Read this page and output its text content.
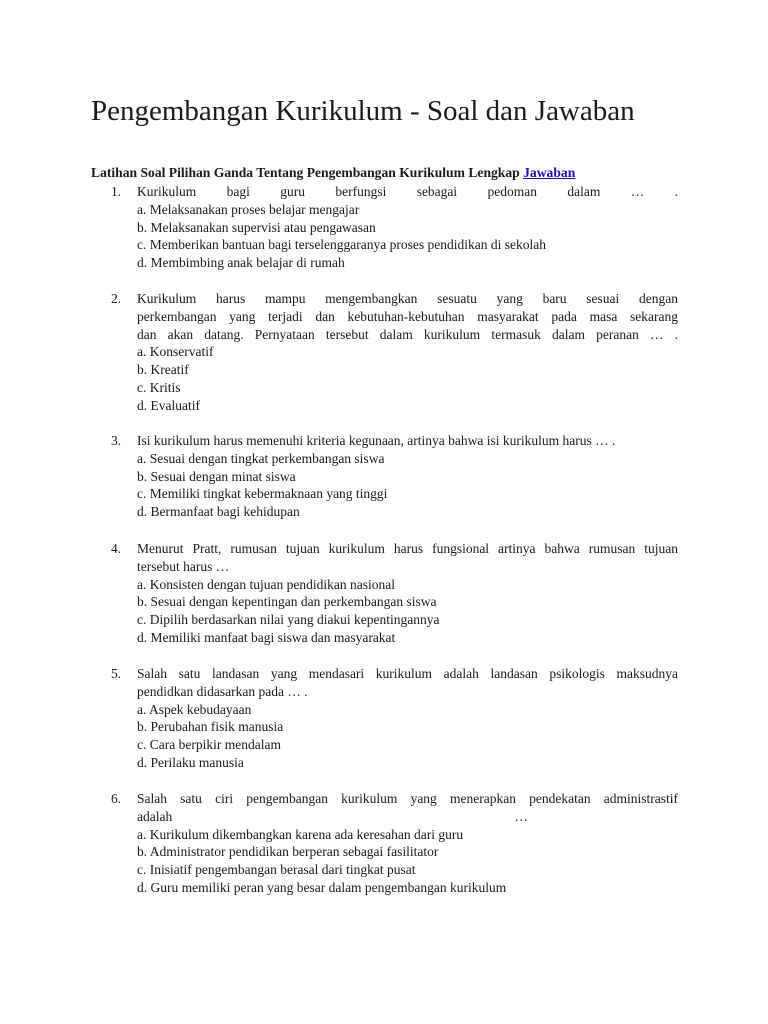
Pengembangan Kurikulum - Soal dan Jawaban
Latihan Soal Pilihan Ganda Tentang Pengembangan Kurikulum Lengkap Jawaban
1. Kurikulum bagi guru berfungsi sebagai pedoman dalam … .
a. Melaksanakan proses belajar mengajar
b. Melaksanakan supervisi atau pengawasan
c. Memberikan bantuan bagi terselenggaranya proses pendidikan di sekolah
d. Membimbing anak belajar di rumah
2. Kurikulum harus mampu mengembangkan sesuatu yang baru sesuai dengan
perkembangan yang terjadi dan kebutuhan-kebutuhan masyarakat pada masa sekarang
dan akan datang. Pernyataan tersebut dalam kurikulum termasuk dalam peranan … .
a. Konservatif
b. Kreatif
c. Kritis
d. Evaluatif
3. Isi kurikulum harus memenuhi kriteria kegunaan, artinya bahwa isi kurikulum harus … .
a. Sesuai dengan tingkat perkembangan siswa
b. Sesuai dengan minat siswa
c. Memiliki tingkat kebermaknaan yang tinggi
d. Bermanfaat bagi kehidupan
4. Menurut Pratt, rumusan tujuan kurikulum harus fungsional artinya bahwa rumusan tujuan
tersebut harus …
a. Konsisten dengan tujuan pendidikan nasional
b. Sesuai dengan kepentingan dan perkembangan siswa
c. Dipilih berdasarkan nilai yang diakui kepentingannya
d. Memiliki manfaat bagi siswa dan masyarakat
5. Salah satu landasan yang mendasari kurikulum adalah landasan psikologis maksudnya
pendidkan didasarkan pada … .
a. Aspek kebudayaan
b. Perubahan fisik manusia
c. Cara berpikir mendalam
d. Perilaku manusia
6. Salah satu ciri pengembangan kurikulum yang menerapkan pendekatan administrastif
adalah …
a. Kurikulum dikembangkan karena ada keresahan dari guru
b. Administrator pendidikan berperan sebagai fasilitator
c. Inisiatif pengembangan berasal dari tingkat pusat
d. Guru memiliki peran yang besar dalam pengembangan kurikulum
